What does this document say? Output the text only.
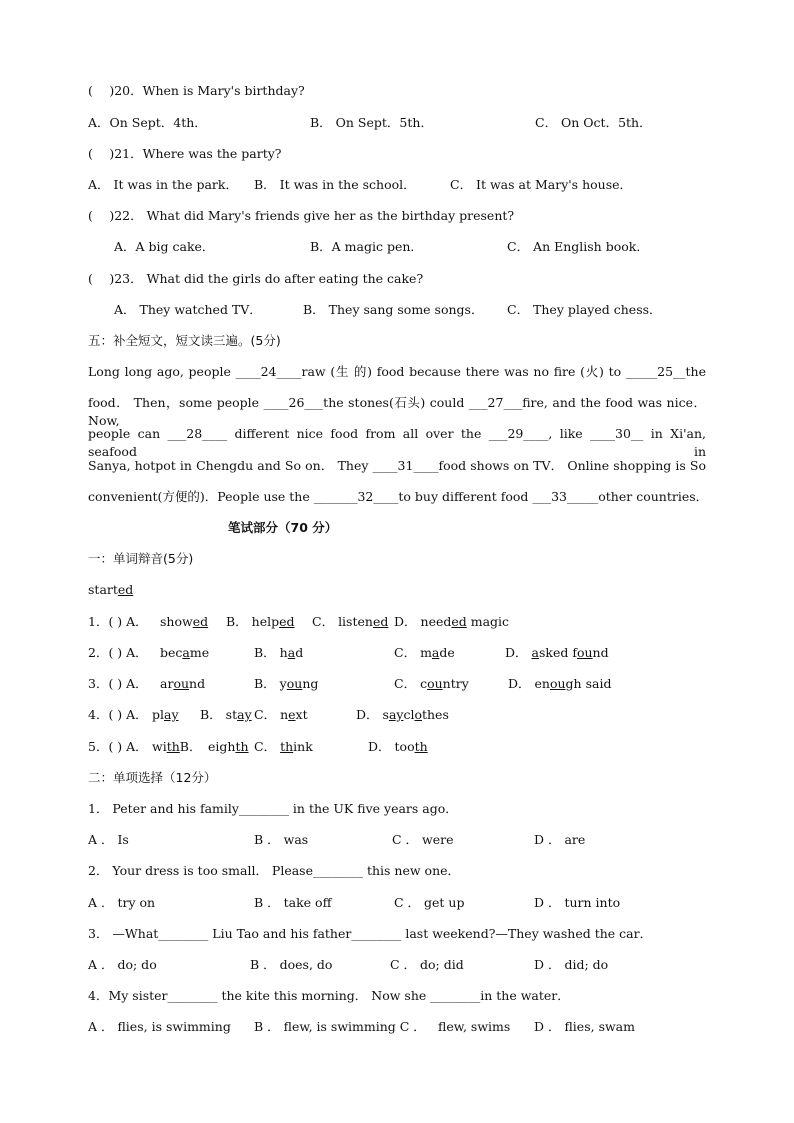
(　 )20．When is Mary's birthday?
A．On Sept．4th．	B． On Sept．5th．	C． On Oct．5th．
(　 )21．Where was the party?
A． It was in the park． B． It was in the school．	C． It was at Mary's house．
(　 )22． What did Mary's friends give her as the birthday present?
A．A big cake．	B．A magic pen．	C． An English book．
(　 )23． What did the girls do after eating the cake?
A． They watched TV．	B． They sang some songs． C． They played chess．
五：补全短文，短文读三遍。(5分)
Long long ago, people ____24____raw (生 的) food because there was no fire (火) to _____25__the
food． Then，some people ____26___the stones(石头) could ___27___fire, and the food was nice． Now,
people can ___28____ different nice food from all over the ___29____, like ____30__ in Xi'an, seafood in
Sanya, hotpot in Chengdu and So on． They ____31____food shows on TV． Online shopping is So
convenient(方便的)．People use the _______32____to buy different food ___33_____other countries．
笔试部分（70 分）
一：单词辩音(5分)
started
1．( ) A． showed B． helped C． listened D． needed magic
2．( ) A． became	B． had	C． made	D． asked found
3．( ) A． around	B． young	C． country	D． enough said
4．( ) A． play B． stay C． next	D． sayclothes
5．( ) A． withB． eighth C． think	D． tooth
二：单项选择（12分）
1． Peter and his family________ in the UK five years ago．
A ． Is	B ． was	C ． were	D ． are
2． Your dress is too small． Please________ this new one．
A ． try on	B ． take off	C ． get up	D ． turn into
3． —What________ Liu Tao and his father________ last weekend?—They washed the car．
A ． do; do	B ． does, do	C ． do; did	D ． did; do
4．My sister________ the kite this morning． Now she ________in the water．
A ． flies, is swimming B ． flew, is swimming C ． flew, swims D ． flies, swam
